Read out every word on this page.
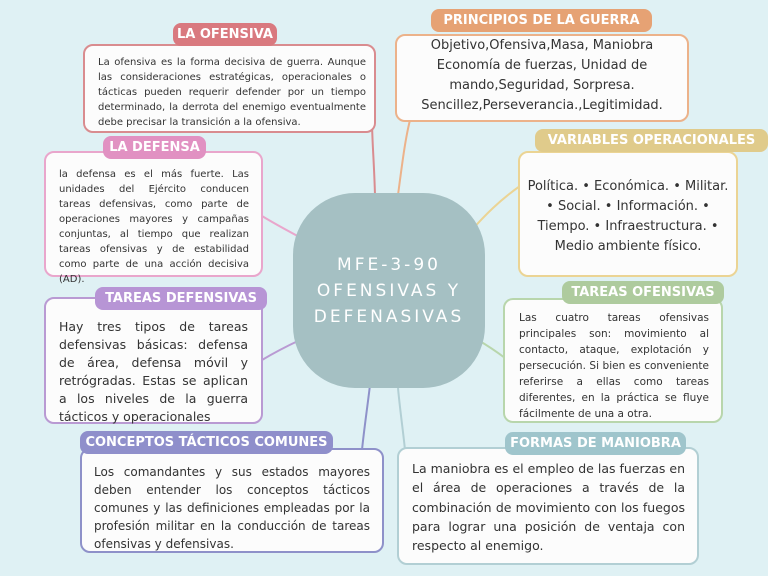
MFE-3-90
OFENSIVAS Y
DEFENASIVAS

La ofensiva es la forma decisiva de guerra. Aunque las consideraciones estratégicas, operacionales o tácticas pueden requerir defender por un tiempo determinado, la derrota del enemigo eventualmente debe precisar la transición a la ofensiva.

LA OFENSIVA

la defensa es el más fuerte. Las unidades del Ejército conducen tareas defensivas, como parte de operaciones mayores y campañas conjuntas, al tiempo que realizan tareas ofensivas y de estabilidad como parte de una acción decisiva (AD).

LA DEFENSA

Hay tres tipos de tareas defensivas básicas: defensa de área, defensa móvil y retrógradas. Estas se aplican a los niveles de la guerra tácticos y operacionales

TAREAS DEFENSIVAS

Los comandantes y sus estados mayores deben entender los conceptos tácticos comunes y las definiciones empleadas por la profesión militar en la conducción de tareas ofensivas y defensivas.

CONCEPTOS TÁCTICOS COMUNES

Objetivo,Ofensiva,Masa, Maniobra Economía de fuerzas, Unidad de mando,Seguridad, Sorpresa. Sencillez,Perseverancia.,Legitimidad.

PRINCIPIOS DE LA GUERRA

Política. • Económica. • Militar. • Social. • Información. • Tiempo. • Infraestructura. • Medio ambiente físico.

VARIABLES OPERACIONALES

Las cuatro tareas ofensivas principales son: movimiento al contacto, ataque, explotación y persecución. Si bien es conveniente referirse a ellas como tareas diferentes, en la práctica se fluye fácilmente de una a otra.

TAREAS OFENSIVAS

La maniobra es el empleo de las fuerzas en el área de operaciones a través de la combinación de movimiento con los fuegos para lograr una posición de ventaja con respecto al enemigo.

FORMAS DE MANIOBRA
